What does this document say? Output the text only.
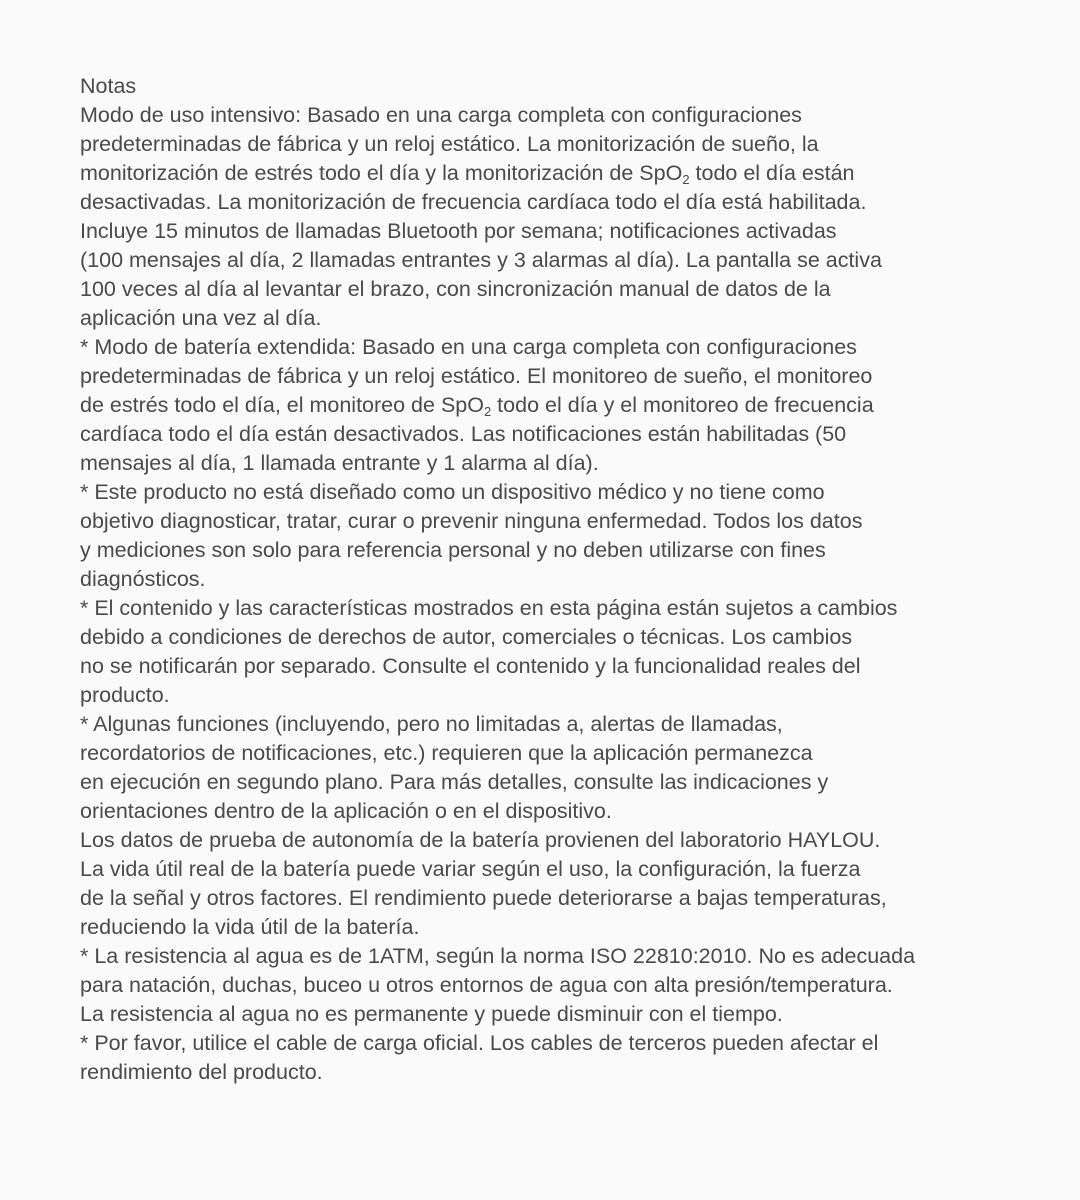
Notas
Modo de uso intensivo: Basado en una carga completa con configuraciones
predeterminadas de fábrica y un reloj estático. La monitorización de sueño, la
monitorización de estrés todo el día y la monitorización de SpO$_2$ todo el día están
desactivadas. La monitorización de frecuencia cardíaca todo el día está habilitada.
Incluye 15 minutos de llamadas Bluetooth por semana; notificaciones activadas
(100 mensajes al día, 2 llamadas entrantes y 3 alarmas al día). La pantalla se activa
100 veces al día al levantar el brazo, con sincronización manual de datos de la
aplicación una vez al día.
* Modo de batería extendida: Basado en una carga completa con configuraciones
predeterminadas de fábrica y un reloj estático. El monitoreo de sueño, el monitoreo
de estrés todo el día, el monitoreo de SpO$_2$ todo el día y el monitoreo de frecuencia
cardíaca todo el día están desactivados. Las notificaciones están habilitadas (50
mensajes al día, 1 llamada entrante y 1 alarma al día).
* Este producto no está diseñado como un dispositivo médico y no tiene como
objetivo diagnosticar, tratar, curar o prevenir ninguna enfermedad. Todos los datos
y mediciones son solo para referencia personal y no deben utilizarse con fines
diagnósticos.
* El contenido y las características mostrados en esta página están sujetos a cambios
debido a condiciones de derechos de autor, comerciales o técnicas. Los cambios
no se notificarán por separado. Consulte el contenido y la funcionalidad reales del
producto.
* Algunas funciones (incluyendo, pero no limitadas a, alertas de llamadas,
recordatorios de notificaciones, etc.) requieren que la aplicación permanezca
en ejecución en segundo plano. Para más detalles, consulte las indicaciones y
orientaciones dentro de la aplicación o en el dispositivo.
Los datos de prueba de autonomía de la batería provienen del laboratorio HAYLOU.
La vida útil real de la batería puede variar según el uso, la configuración, la fuerza
de la señal y otros factores. El rendimiento puede deteriorarse a bajas temperaturas,
reduciendo la vida útil de la batería.
* La resistencia al agua es de 1ATM, según la norma ISO 22810:2010. No es adecuada
para natación, duchas, buceo u otros entornos de agua con alta presión/temperatura.
La resistencia al agua no es permanente y puede disminuir con el tiempo.
* Por favor, utilice el cable de carga oficial. Los cables de terceros pueden afectar el
rendimiento del producto.
